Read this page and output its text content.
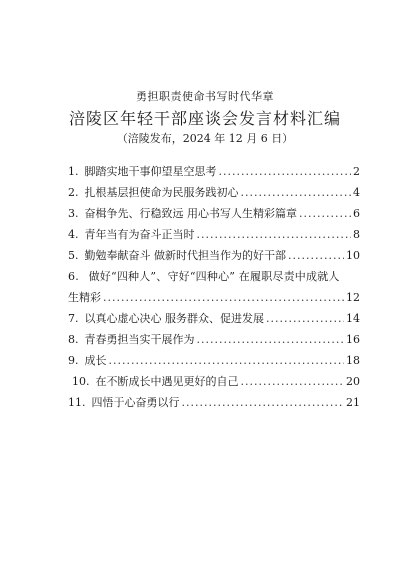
勇担职责使命书写时代华章
涪陵区年轻干部座谈会发言材料汇编
（涪陵发布，2024 年 12 月 6 日）
1. 脚踏实地干事仰望星空思考 .....	2
2. 扎根基层担使命为民服务践初心 .....	4
3. 奋楫争先、行稳致远 用心书写人生精彩篇章 .....	6
4. 青年当有为奋斗正当时 .....	8
5. 勤勉奉献奋斗 做新时代担当作为的好干部 .....	10
6. 做好“四种人”、守好“四种心” 在履职尽责中成就人
生精彩 .....	12
7. 以真心虚心决心 服务群众、促进发展 .....	14
8. 青春勇担当实干展作为 .....	16
9. 成长 .....	18
10. 在不断成长中遇见更好的自己 .....	20
11. 四悟于心奋勇以行 .....	21
